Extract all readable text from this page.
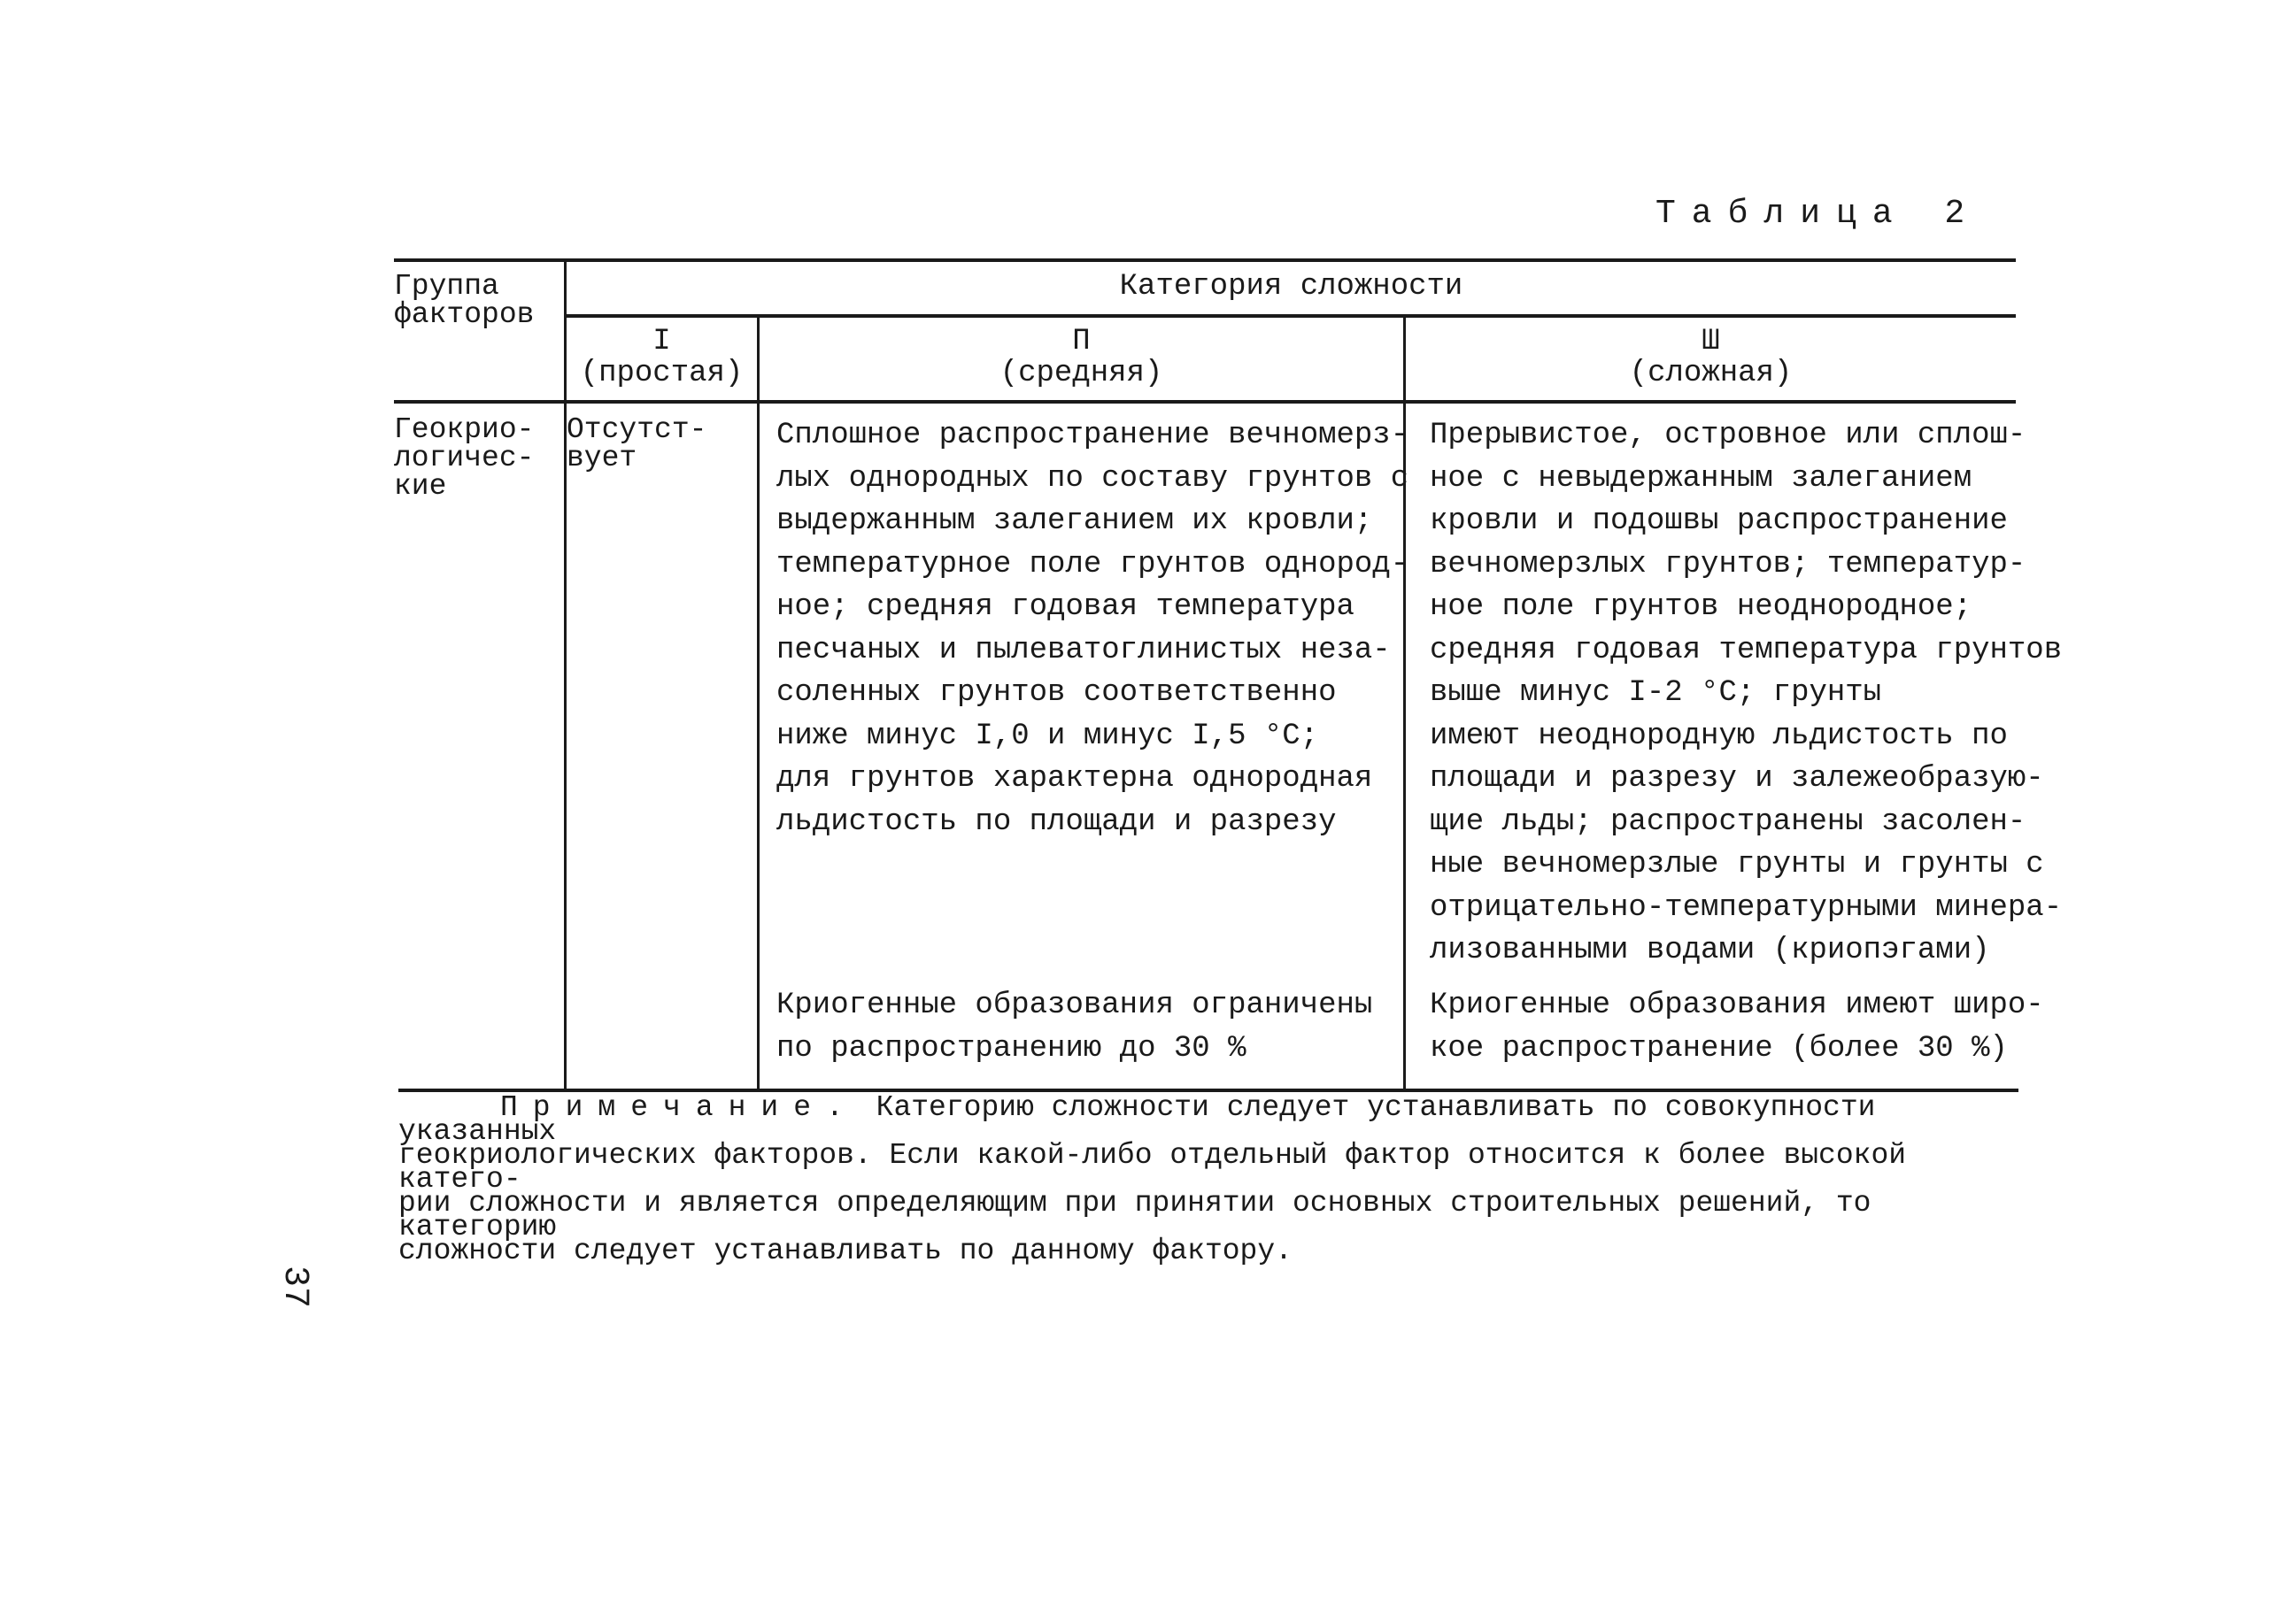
Таблица 2
Группа
факторов
Категория сложности
I
(простая)
П
(средняя)
Ш
(сложная)
Геокрио-
логичес-
кие
Отсутст-
вует
Сплошное распространение вечномерз-
лых однородных по составу грунтов с
выдержанным залеганием их кровли;
температурное поле грунтов однород-
ное; средняя годовая температура
песчаных и пылеватоглинистых неза-
соленных грунтов соответственно
ниже минус I,0 и минус I,5 °С;
для грунтов характерна однородная
льдистость по площади и разрезу
Прерывистое, островное или сплош-
ное с невыдержанным залеганием
кровли и подошвы распространение
вечномерзлых грунтов; температур-
ное поле грунтов неоднородное;
средняя годовая температура грунтов
выше минус I-2 °С; грунты
имеют неоднородную льдистость по
площади и разрезу и залежеобразую-
щие льды; распространены засолен-
ные вечномерзлые грунты и грунты с
отрицательно-температурными минера-
лизованными водами (криопэгами)
Криогенные образования ограничены
по распространению до 30 %
Криогенные образования имеют широ-
кое распространение (более 30 %)
Примечание. Категорию сложности следует устанавливать по совокупности указанных
геокриологических факторов. Если какой-либо отдельный фактор относится к более высокой катего-
рии сложности и является определяющим при принятии основных строительных решений, то категорию
сложности следует устанавливать по данному фактору.
37
